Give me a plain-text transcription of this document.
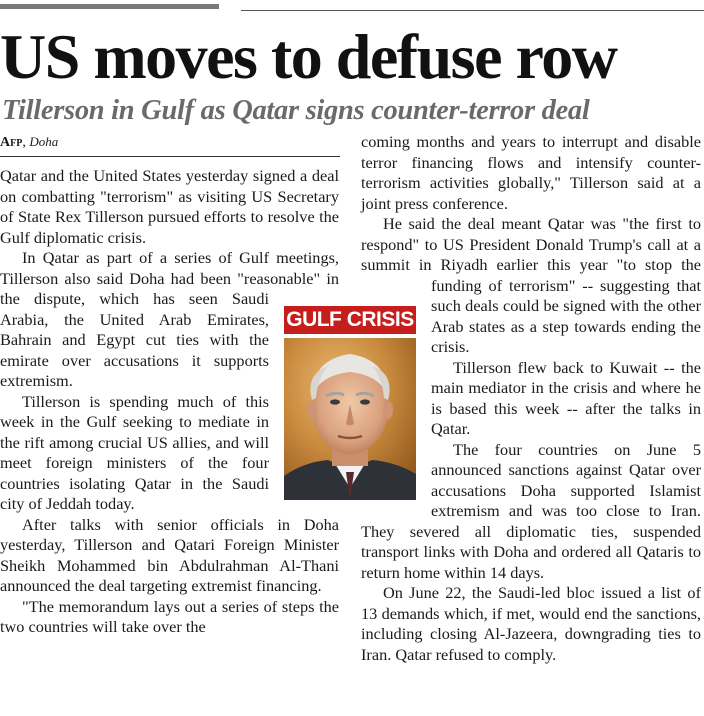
US moves to defuse row
Tillerson in Gulf as Qatar signs counter-terror deal
Afp, Doha

Qatar and the United States yesterday signed a deal on combatting "terrorism" as visiting US Secretary of State Rex Tillerson pursued efforts to resolve the Gulf diplomatic crisis.

In Qatar as part of a series of Gulf meetings, Tillerson also said Doha had been "reasonable" in the dispute, which has seen Saudi Arabia, the United Arab Emirates, Bahrain and Egypt cut ties with the emirate over accusations it supports extremism.

Tillerson is spending much of this week in the Gulf seeking to mediate in the rift among crucial US allies, and will meet foreign ministers of the four countries isolating Qatar in the Saudi city of Jeddah today.

After talks with senior officials in Doha yesterday, Tillerson and Qatari Foreign Minister Sheikh Mohammed bin Abdulrahman Al-Thani announced the deal targeting extremist financing.

"The memorandum lays out a series of steps the two countries will take over the

coming months and years to interrupt and disable terror financing flows and intensify counter-terrorism activities globally," Tillerson said at a joint press conference.

He said the deal meant Qatar was "the first to respond" to US President Donald Trump's call at a summit in Riyadh earlier this year "to stop the funding of terrorism" -- suggesting that such deals could be signed with the other Arab states as a step towards ending the crisis.

Tillerson flew back to Kuwait -- the main mediator in the crisis and where he is based this week -- after the talks in Qatar.

The four countries on June 5 announced sanctions against Qatar over accusations Doha supported Islamist extremism and was too close to Iran. They severed all diplomatic ties, suspended transport links with Doha and ordered all Qataris to return home within 14 days.

On June 22, the Saudi-led bloc issued a list of 13 demands which, if met, would end the sanctions, including closing Al-Jazeera, downgrading ties to Iran. Qatar refused to comply.

GULF CRISIS
